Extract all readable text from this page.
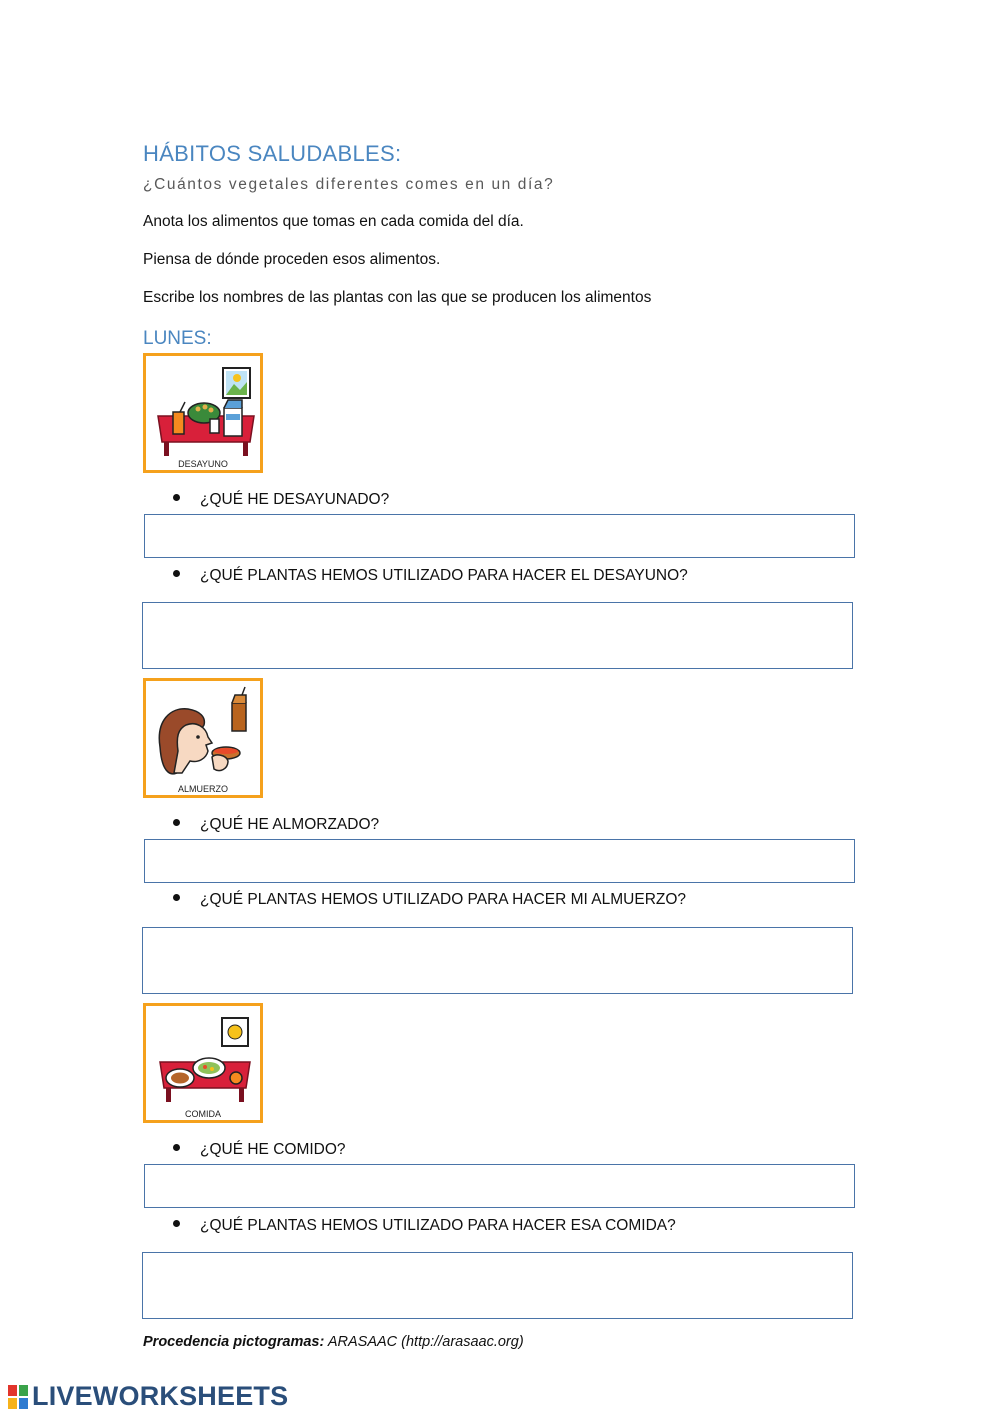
HÁBITOS SALUDABLES:
¿Cuántos vegetales diferentes comes en un día?
Anota los alimentos que tomas en cada comida del día.
Piensa de dónde proceden esos alimentos.
Escribe los nombres de las plantas con las que se producen los alimentos
LUNES:
DESAYUNO
¿QUÉ HE DESAYUNADO?
¿QUÉ PLANTAS HEMOS UTILIZADO PARA HACER EL DESAYUNO?
ALMUERZO
¿QUÉ HE ALMORZADO?
¿QUÉ PLANTAS HEMOS UTILIZADO PARA HACER MI ALMUERZO?
COMIDA
¿QUÉ HE COMIDO?
¿QUÉ PLANTAS HEMOS UTILIZADO PARA HACER ESA COMIDA?
Procedencia pictogramas: ARASAAC (http://arasaac.org)
LIVEWORKSHEETS
